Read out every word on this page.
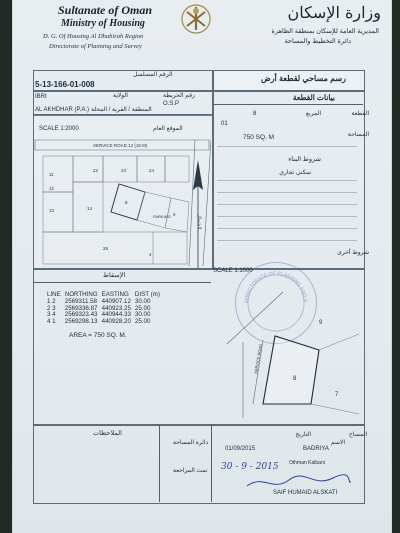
Sultanate of Oman
Ministry of Housing
D. G. Of Housing Al Dhahirah Region
Directorate of Planning and Survey
وزارة الإسكان
المديرية العامة للإسكان بمنطقة الظاهرة
دائرة التخطيط والمساحة
الرقم المسلسل
5-13-166-01-008
رسم مساحي لقطعة أرض
IBRI	الولاية
O.S.P
رقم الخريطة
AL AKHDHAR (P.A.) المنطقة / القرية / المحلة
بيانات القطعة
8	القطعة
01
المربع
750 SQ. M	المساحة
شروط البناء
سكني تجاري
شروط أخرى
DIRECTORATE OF PLANNING AND S
SCALE 1:2000	الموقع العام
SERVICE ROAD 12 (18 M)
PARKING
11
12
13	14
8
22	23	24
25
6
4
الشمال
SCALE 1:1000
الإسقاط
LINE	NORTHING	EASTING	DIST (m)
1 2	2569311.58	440907.12	30.00
2 3	2569336.87	440923.25	25.00
3 4	2569323.43	440944.33	30.00
4 1	2569298.13	440928.20	25.00
AREA = 750 SQ. M.
SERVICE ROAD
8
9
7
الملاحظات
دائرة المساحة
تمت المراجعة
التاريخ
01/09/2015
المساح
الاسم
BADRIYA
Othman Kalbani
SAIF HUMAID ALSKATI
30 - 9 - 2015
